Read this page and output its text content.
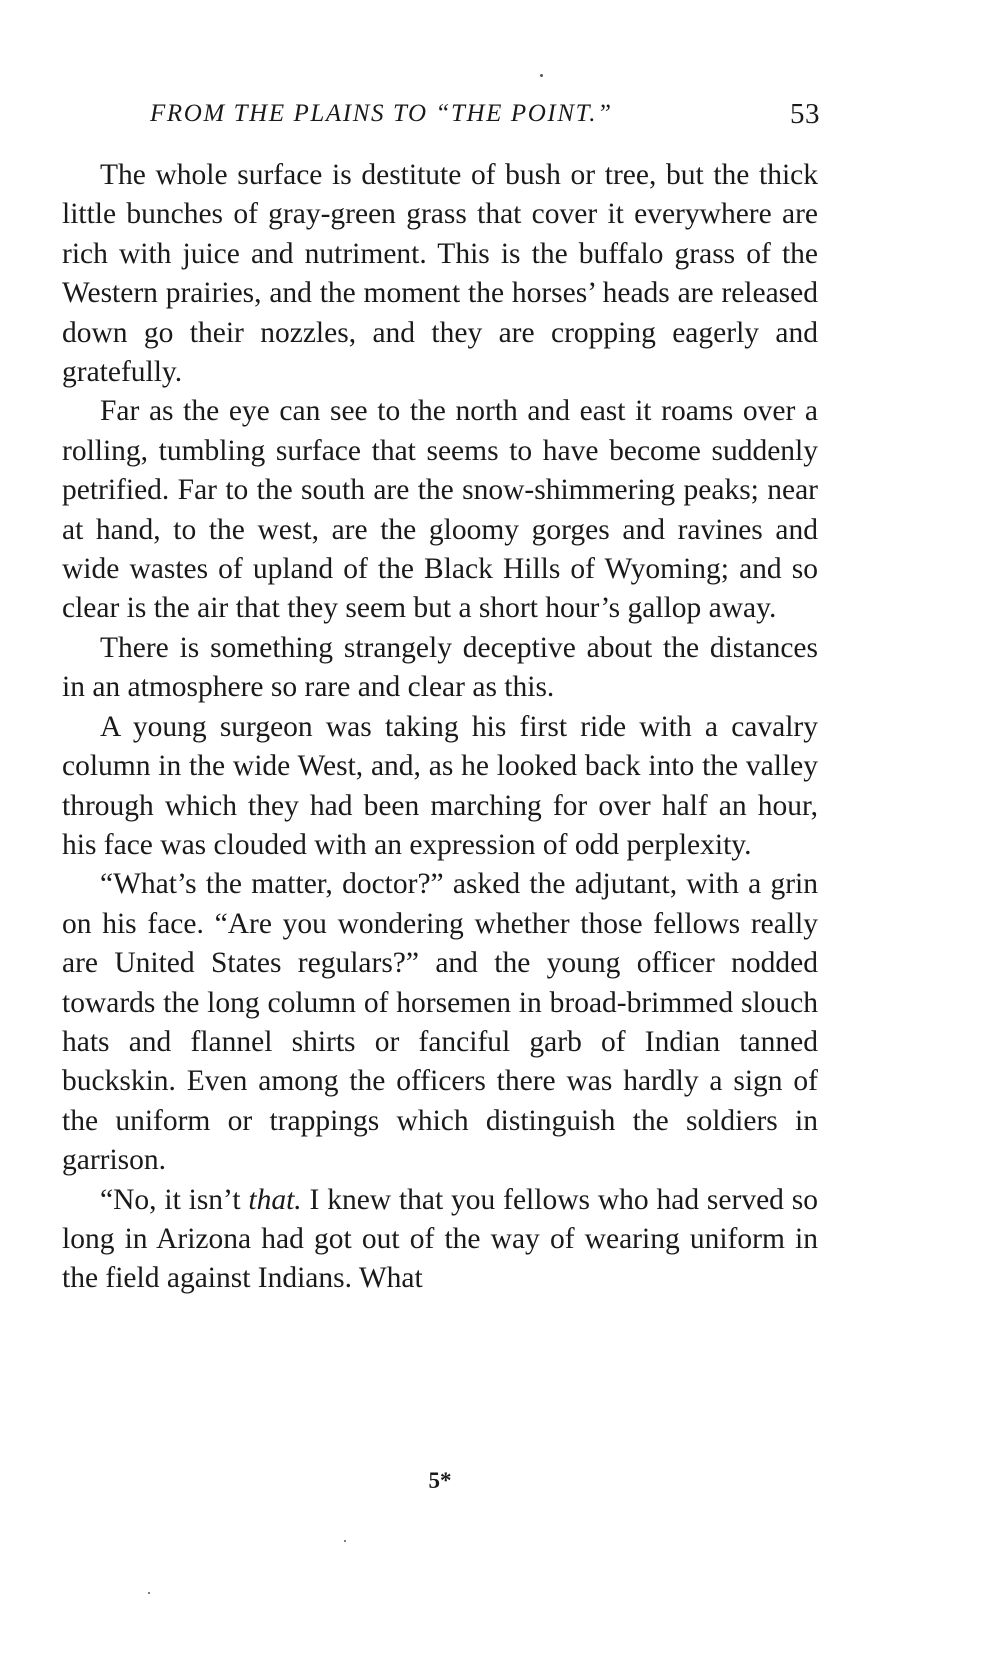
FROM THE PLAINS TO “THE POINT.”	53

The whole surface is destitute of bush or tree, but the thick little bunches of gray-green grass that cover it everywhere are rich with juice and nutriment. This is the buffalo grass of the Western prairies, and the moment the horses’ heads are released down go their nozzles, and they are cropping eagerly and gratefully.

Far as the eye can see to the north and east it roams over a rolling, tumbling surface that seems to have become suddenly petrified. Far to the south are the snow-shimmering peaks; near at hand, to the west, are the gloomy gorges and ravines and wide wastes of upland of the Black Hills of Wyoming; and so clear is the air that they seem but a short hour’s gallop away.

There is something strangely deceptive about the distances in an atmosphere so rare and clear as this.

A young surgeon was taking his first ride with a cavalry column in the wide West, and, as he looked back into the valley through which they had been marching for over half an hour, his face was clouded with an expression of odd perplexity.

“What’s the matter, doctor?” asked the adjutant, with a grin on his face. “Are you wondering whether those fellows really are United States regulars?” and the young officer nodded towards the long column of horsemen in broad-brimmed slouch hats and flannel shirts or fanciful garb of Indian tanned buckskin. Even among the officers there was hardly a sign of the uniform or trappings which distinguish the soldiers in garrison.

“No, it isn’t that. I knew that you fellows who had served so long in Arizona had got out of the way of wearing uniform in the field against Indians. What

5*
